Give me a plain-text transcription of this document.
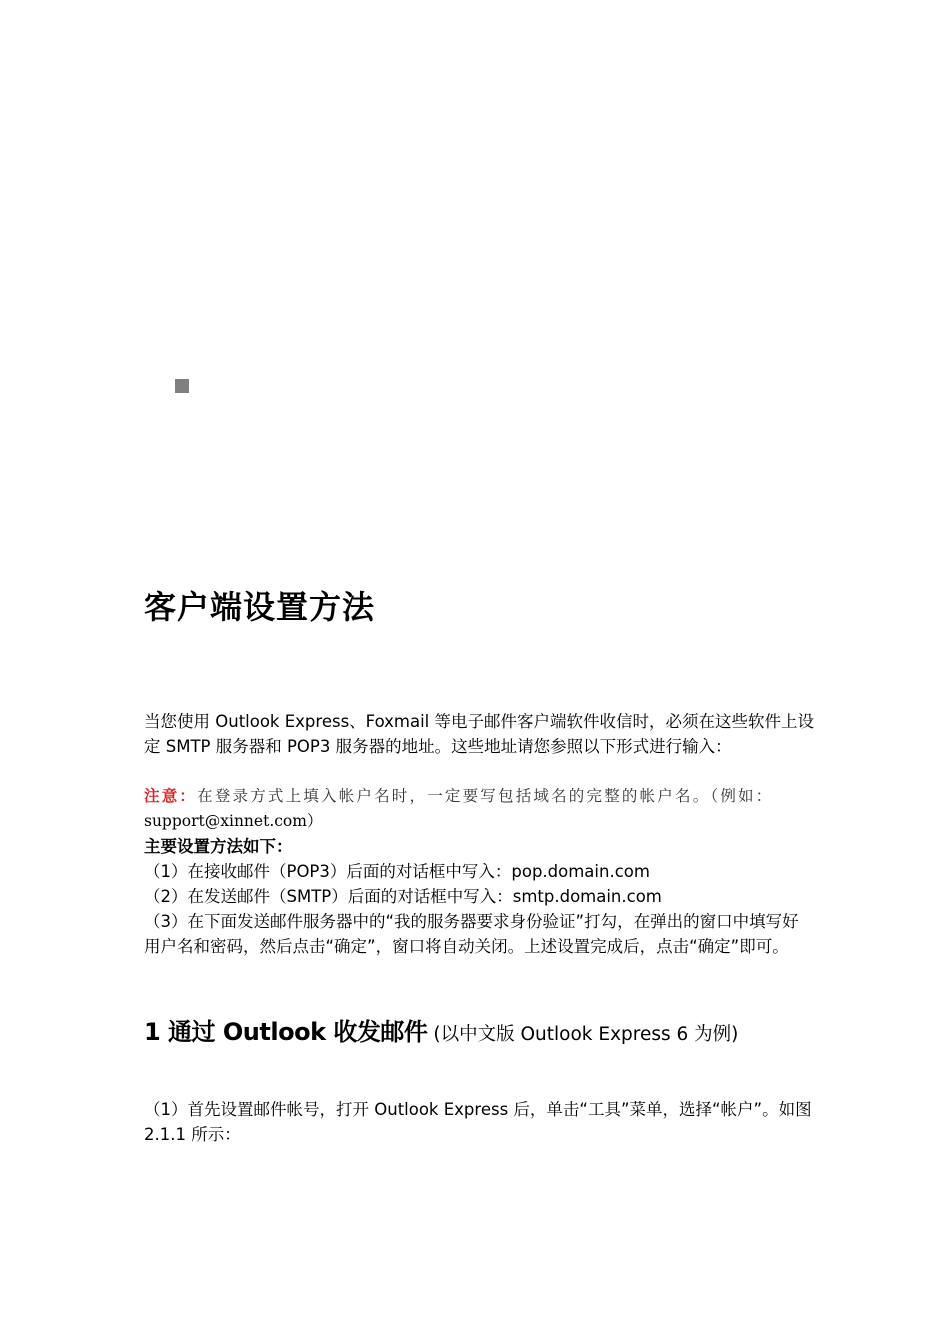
客户端设置方法
当您使用 Outlook Express、Foxmail 等电子邮件客户端软件收信时，必须在这些软件上设定 SMTP 服务器和 POP3 服务器的地址。这些地址请您参照以下形式进行输入：
注意：在登录方式上填入帐户名时，一定要写包括域名的完整的帐户名。（例如：
support@xinnet.com）
主要设置方法如下：
（1）在接收邮件（POP3）后面的对话框中写入：pop.domain.com
（2）在发送邮件（SMTP）后面的对话框中写入：smtp.domain.com
（3）在下面发送邮件服务器中的“我的服务器要求身份验证”打勾，在弹出的窗口中填写好用户名和密码，然后点击“确定”，窗口将自动关闭。上述设置完成后，点击“确定”即可。
1 通过 Outlook 收发邮件 (以中文版 Outlook Express 6 为例)
（1）首先设置邮件帐号，打开 Outlook Express 后，单击“工具”菜单，选择“帐户”。如图 2.1.1 所示：
